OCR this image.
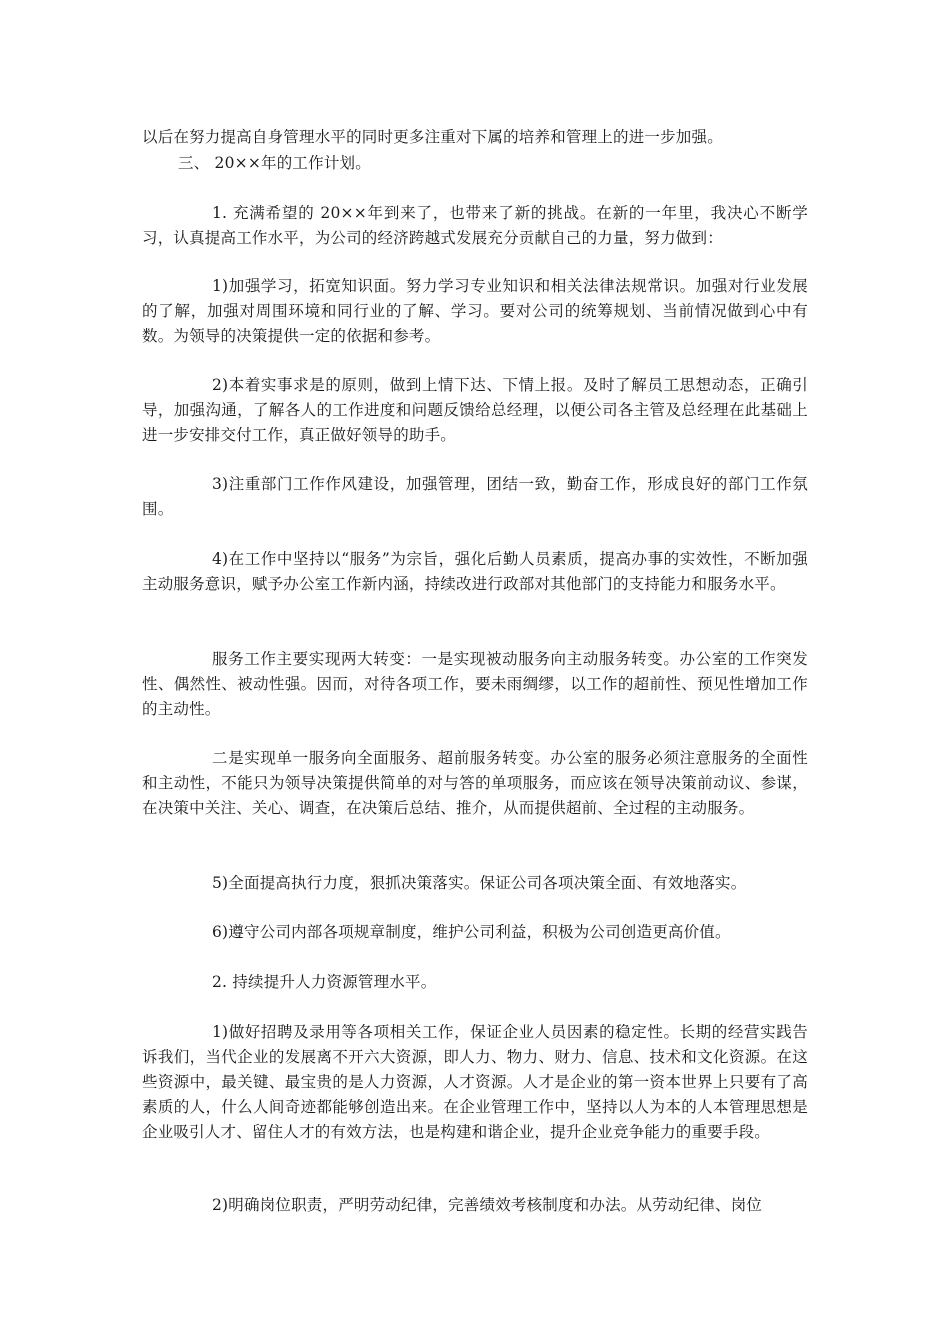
以后在努力提高自身管理水平的同时更多注重对下属的培养和管理上的进一步加强。

三、 20××年的工作计划。

1. 充满希望的 20××年到来了，也带来了新的挑战。在新的一年里，我决心不断学习，认真提高工作水平，为公司的经济跨越式发展充分贡献自己的力量，努力做到：

1)加强学习，拓宽知识面。努力学习专业知识和相关法律法规常识。加强对行业发展的了解，加强对周围环境和同行业的了解、学习。要对公司的统筹规划、当前情况做到心中有数。为领导的决策提供一定的依据和参考。

2)本着实事求是的原则，做到上情下达、下情上报。及时了解员工思想动态，正确引导，加强沟通，了解各人的工作进度和问题反馈给总经理，以便公司各主管及总经理在此基础上进一步安排交付工作，真正做好领导的助手。

3)注重部门工作作风建设，加强管理，团结一致，勤奋工作，形成良好的部门工作氛围。

4)在工作中坚持以“服务”为宗旨，强化后勤人员素质，提高办事的实效性，不断加强主动服务意识，赋予办公室工作新内涵，持续改进行政部对其他部门的支持能力和服务水平。

服务工作主要实现两大转变：一是实现被动服务向主动服务转变。办公室的工作突发性、偶然性、被动性强。因而，对待各项工作，要未雨绸缪，以工作的超前性、预见性增加工作的主动性。

二是实现单一服务向全面服务、超前服务转变。办公室的服务必须注意服务的全面性和主动性，不能只为领导决策提供简单的对与答的单项服务，而应该在领导决策前动议、参谋，在决策中关注、关心、调查，在决策后总结、推介，从而提供超前、全过程的主动服务。

5)全面提高执行力度，狠抓决策落实。保证公司各项决策全面、有效地落实。

6)遵守公司内部各项规章制度，维护公司利益，积极为公司创造更高价值。

2. 持续提升人力资源管理水平。

1)做好招聘及录用等各项相关工作，保证企业人员因素的稳定性。长期的经营实践告诉我们，当代企业的发展离不开六大资源，即人力、物力、财力、信息、技术和文化资源。在这些资源中，最关键、最宝贵的是人力资源，人才资源。人才是企业的第一资本世界上只要有了高素质的人，什么人间奇迹都能够创造出来。在企业管理工作中，坚持以人为本的人本管理思想是企业吸引人才、留住人才的有效方法，也是构建和谐企业，提升企业竞争能力的重要手段。

2)明确岗位职责，严明劳动纪律，完善绩效考核制度和办法。从劳动纪律、岗位
